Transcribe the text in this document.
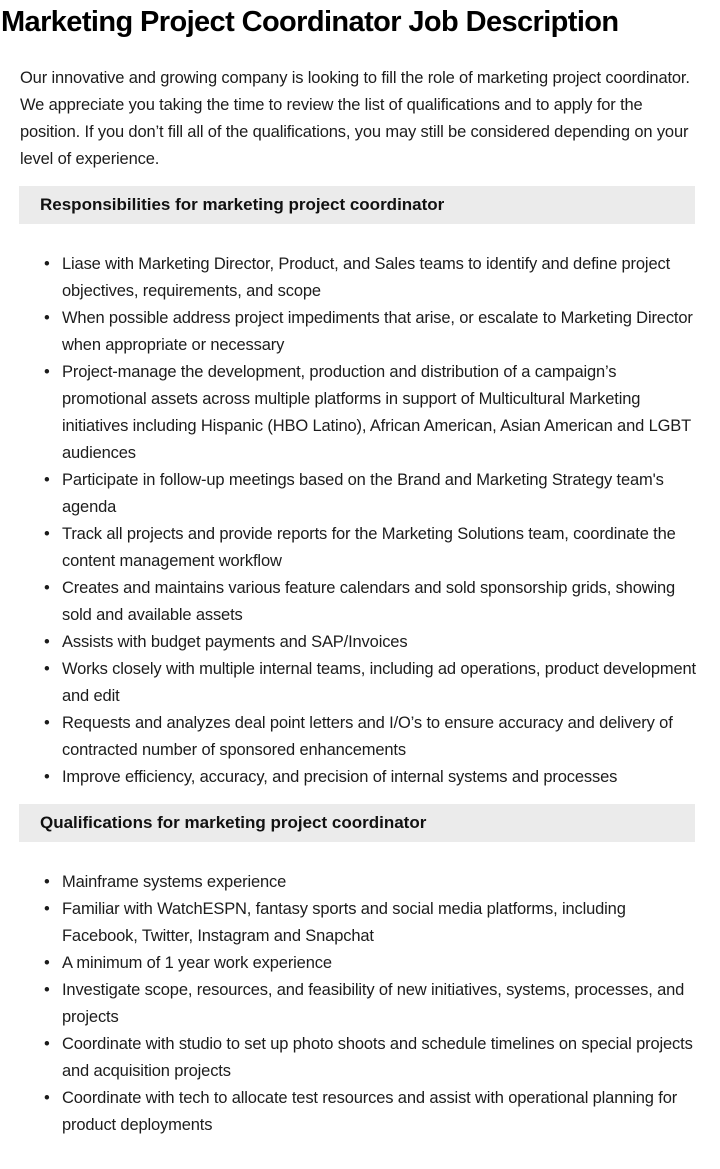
Marketing Project Coordinator Job Description

Our innovative and growing company is looking to fill the role of marketing project coordinator. We appreciate you taking the time to review the list of qualifications and to apply for the position. If you don’t fill all of the qualifications, you may still be considered depending on your level of experience.

Responsibilities for marketing project coordinator
• Liase with Marketing Director, Product, and Sales teams to identify and define project objectives, requirements, and scope
• When possible address project impediments that arise, or escalate to Marketing Director when appropriate or necessary
• Project-manage the development, production and distribution of a campaign’s promotional assets across multiple platforms in support of Multicultural Marketing initiatives including Hispanic (HBO Latino), African American, Asian American and LGBT audiences
• Participate in follow-up meetings based on the Brand and Marketing Strategy team's agenda
• Track all projects and provide reports for the Marketing Solutions team, coordinate the content management workflow
• Creates and maintains various feature calendars and sold sponsorship grids, showing sold and available assets
• Assists with budget payments and SAP/Invoices
• Works closely with multiple internal teams, including ad operations, product development and edit
• Requests and analyzes deal point letters and I/O’s to ensure accuracy and delivery of contracted number of sponsored enhancements
• Improve efficiency, accuracy, and precision of internal systems and processes
Qualifications for marketing project coordinator
• Mainframe systems experience
• Familiar with WatchESPN, fantasy sports and social media platforms, including Facebook, Twitter, Instagram and Snapchat
• A minimum of 1 year work experience
• Investigate scope, resources, and feasibility of new initiatives, systems, processes, and projects
• Coordinate with studio to set up photo shoots and schedule timelines on special projects and acquisition projects
• Coordinate with tech to allocate test resources and assist with operational planning for product deployments
